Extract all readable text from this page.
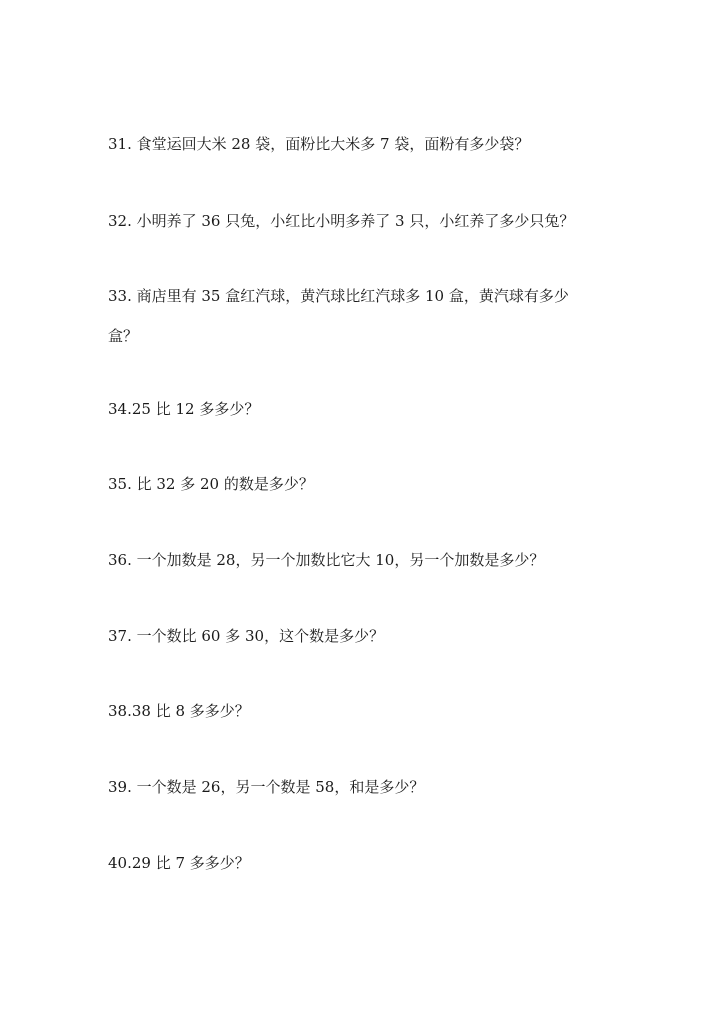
31. 食堂运回大米 28 袋，面粉比大米多 7 袋，面粉有多少袋？
32. 小明养了 36 只兔，小红比小明多养了 3 只，小红养了多少只兔？
33. 商店里有 35 盒红汽球，黄汽球比红汽球多 10 盒，黄汽球有多少
盒？
34.25 比 12 多多少？
35. 比 32 多 20 的数是多少？
36. 一个加数是 28，另一个加数比它大 10，另一个加数是多少？
37. 一个数比 60 多 30，这个数是多少？
38.38 比 8 多多少？
39. 一个数是 26，另一个数是 58，和是多少？
40.29 比 7 多多少？
